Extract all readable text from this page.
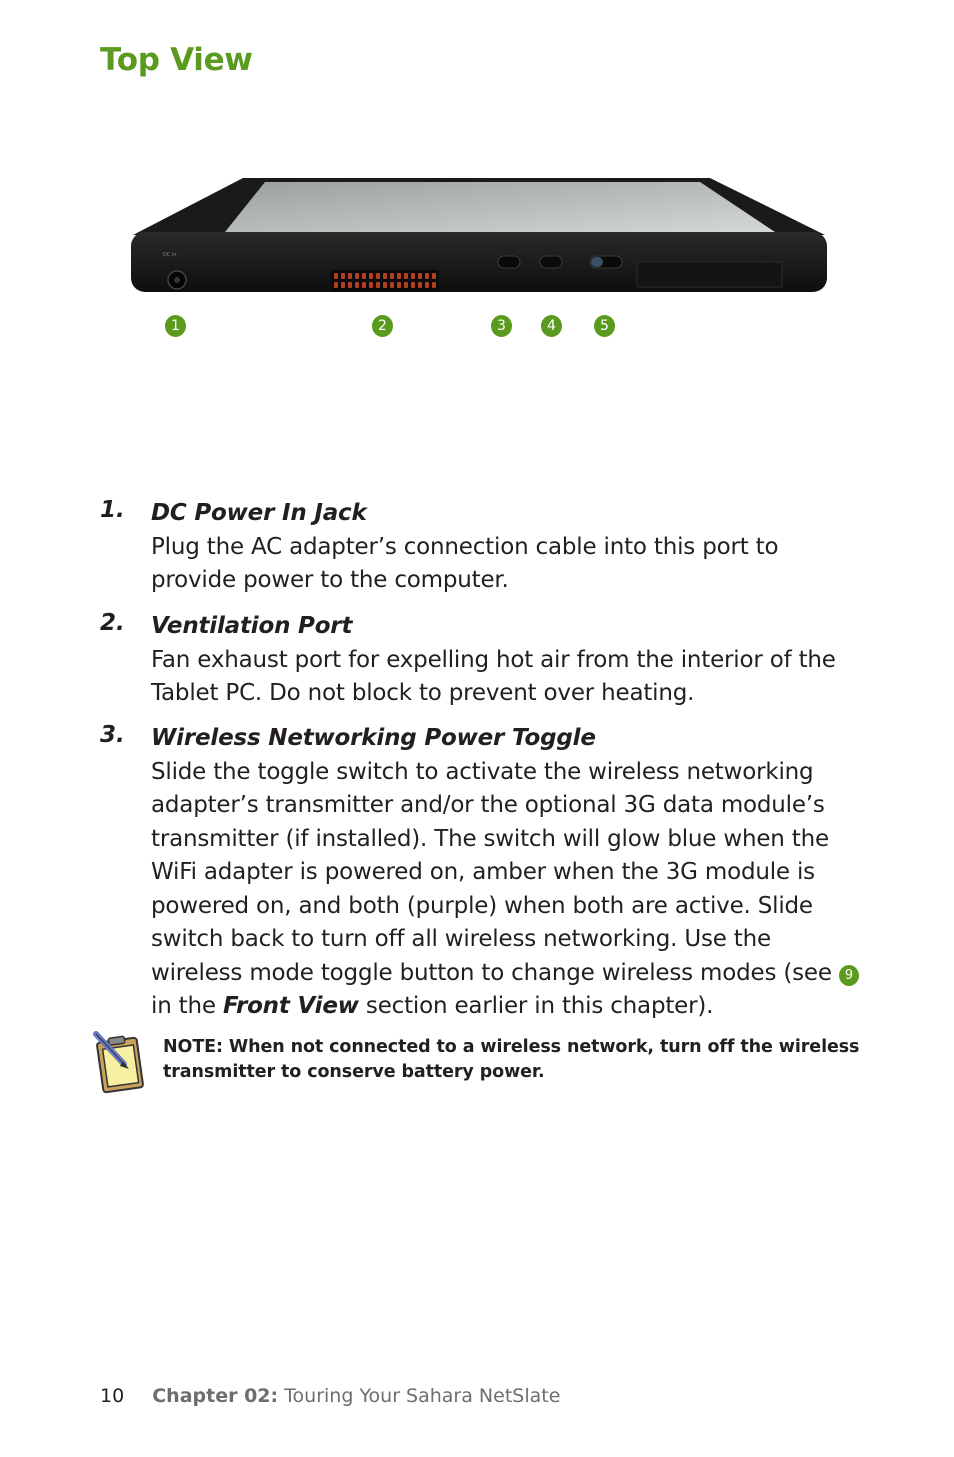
Top View
DC In
1	2	3	4	5
1. DC Power In Jack
Plug the AC adapter’s connection cable into this port to provide power to the computer.
2. Ventilation Port
Fan exhaust port for expelling hot air from the interior of the Tablet PC. Do not block to prevent over heating.
3. Wireless Networking Power Toggle
Slide the toggle switch to activate the wireless networking adapter’s transmitter and/or the optional 3G data module’s transmitter (if installed). The switch will glow blue when the WiFi adapter is powered on, amber when the 3G module is powered on, and both (purple) when both are active. Slide switch back to turn off all wireless networking. Use the wireless mode toggle button to change wireless modes (see 9 in the Front View section earlier in this chapter).
NOTE: When not connected to a wireless network, turn off the wireless transmitter to conserve battery power.
10 Chapter 02: Touring Your Sahara NetSlate
